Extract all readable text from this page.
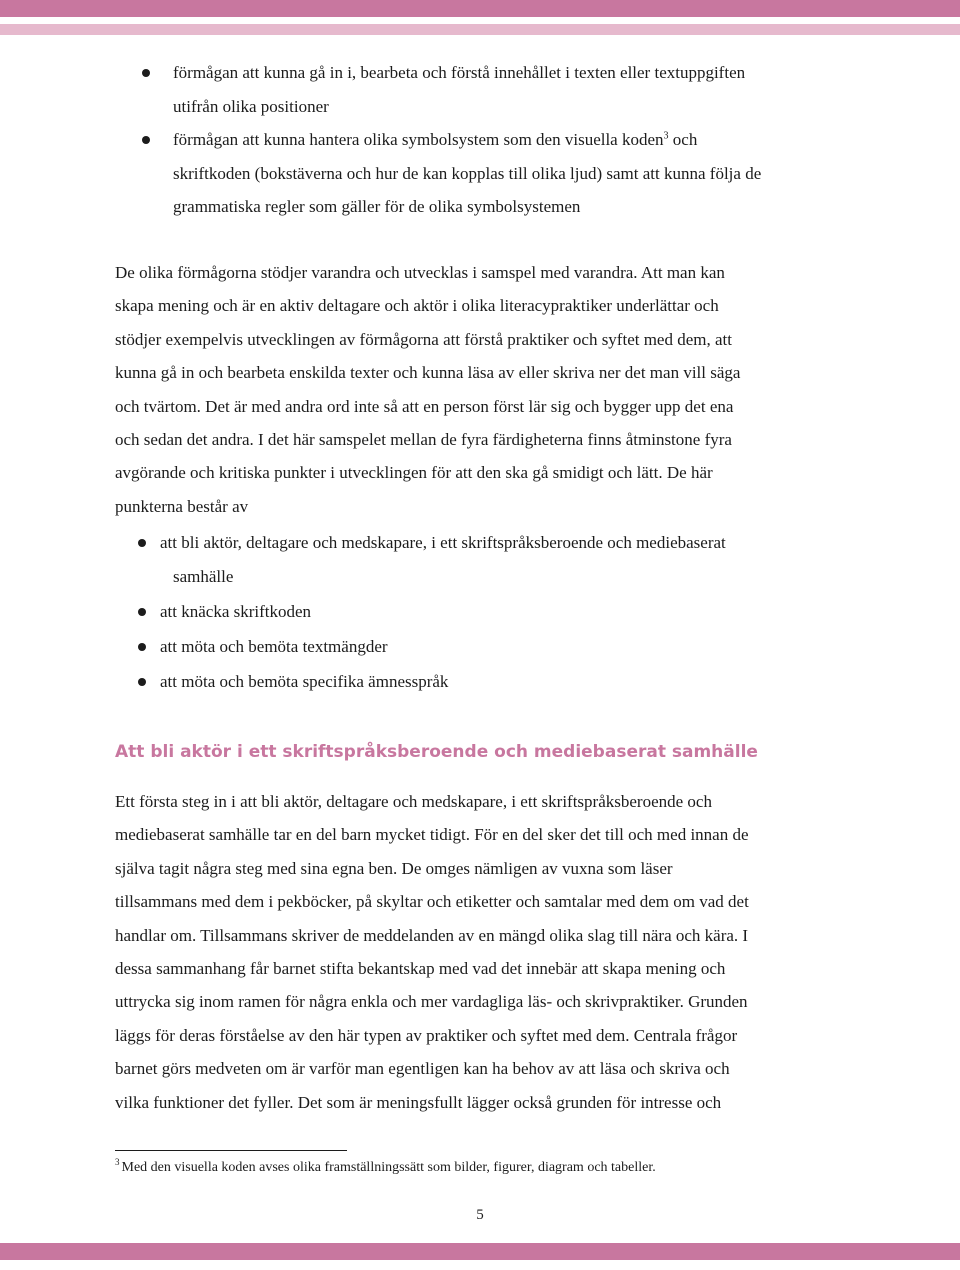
förmågan att kunna gå in i, bearbeta och förstå innehållet i texten eller textuppgiften
utifrån olika positioner
förmågan att kunna hantera olika symbolsystem som den visuella koden$^3$ och
skriftkoden (bokstäverna och hur de kan kopplas till olika ljud) samt att kunna följa de
grammatiska regler som gäller för de olika symbolsystemen

De olika förmågorna stödjer varandra och utvecklas i samspel med varandra. Att man kan

skapa mening och är en aktiv deltagare och aktör i olika literacypraktiker underlättar och

stödjer exempelvis utvecklingen av förmågorna att förstå praktiker och syftet med dem, att

kunna gå in och bearbeta enskilda texter och kunna läsa av eller skriva ner det man vill säga

och tvärtom. Det är med andra ord inte så att en person först lär sig och bygger upp det ena

och sedan det andra. I det här samspelet mellan de fyra färdigheterna finns åtminstone fyra

avgörande och kritiska punkter i utvecklingen för att den ska gå smidigt och lätt. De här

punkterna består av

att bli aktör, deltagare och medskapare, i ett skriftspråksberoende och mediebaserat
samhälle
att knäcka skriftkoden
att möta och bemöta textmängder
att möta och bemöta specifika ämnesspråk
Att bli aktör i ett skriftspråksberoende och mediebaserat samhälle

Ett första steg in i att bli aktör, deltagare och medskapare, i ett skriftspråksberoende och

mediebaserat samhälle tar en del barn mycket tidigt. För en del sker det till och med innan de

själva tagit några steg med sina egna ben. De omges nämligen av vuxna som läser

tillsammans med dem i pekböcker, på skyltar och etiketter och samtalar med dem om vad det

handlar om. Tillsammans skriver de meddelanden av en mängd olika slag till nära och kära. I

dessa sammanhang får barnet stifta bekantskap med vad det innebär att skapa mening och

uttrycka sig inom ramen för några enkla och mer vardagliga läs- och skrivpraktiker. Grunden

läggs för deras förståelse av den här typen av praktiker och syftet med dem. Centrala frågor

barnet görs medveten om är varför man egentligen kan ha behov av att läsa och skriva och

vilka funktioner det fyller. Det som är meningsfullt lägger också grunden för intresse och

$^3$ Med den visuella koden avses olika framställningssätt som bilder, figurer, diagram och tabeller.

5
